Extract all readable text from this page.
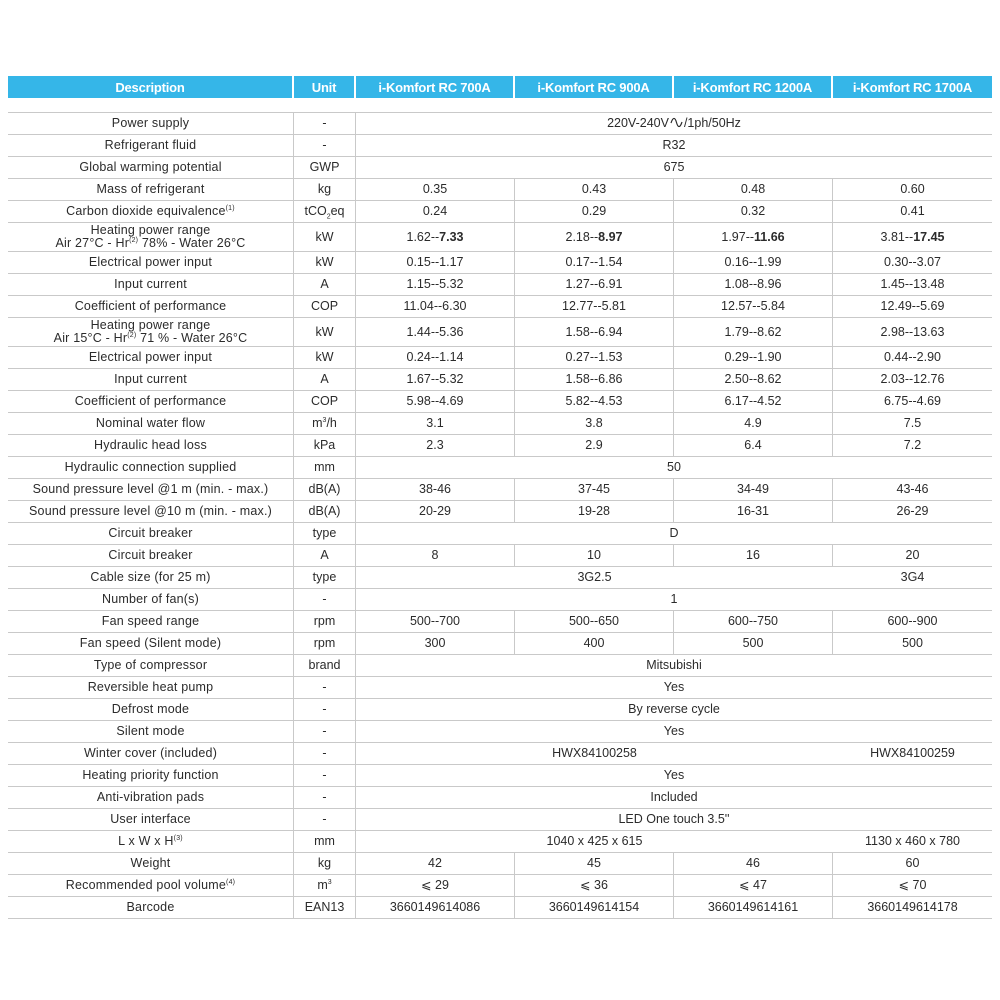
Description	Unit	i-Komfort RC 700A	i-Komfort RC 900A	i-Komfort RC 1200A	i-Komfort RC 1700A
Power supply	-	220V-240V /1ph/50Hz			
Refrigerant fluid	-	R32			
Global warming potential	GWP	675			
Mass of refrigerant	kg	0.35	0.43	0.48	0.60
Carbon dioxide equivalence$^{(1)}$	tCO$_2$eq	0.24	0.29	0.32	0.41
Heating power range
Air 27°C - Hr$^{(2)}$ 78% - Water 26°C	kW	1.62--7.33	2.18--8.97	1.97--11.66	3.81--17.45
Electrical power input	kW	0.15--1.17	0.17--1.54	0.16--1.99	0.30--3.07
Input current	A	1.15--5.32	1.27--6.91	1.08--8.96	1.45--13.48
Coefficient of performance	COP	11.04--6.30	12.77--5.81	12.57--5.84	12.49--5.69
Heating power range
Air 15°C - Hr$^{(2)}$ 71 % - Water 26°C	kW	1.44--5.36	1.58--6.94	1.79--8.62	2.98--13.63
Electrical power input	kW	0.24--1.14	0.27--1.53	0.29--1.90	0.44--2.90
Input current	A	1.67--5.32	1.58--6.86	2.50--8.62	2.03--12.76
Coefficient of performance	COP	5.98--4.69	5.82--4.53	6.17--4.52	6.75--4.69
Nominal water flow	$m^3/h$	3.1	3.8	4.9	7.5
Hydraulic head loss	kPa	2.3	2.9	6.4	7.2
Hydraulic connection supplied	mm	50			
Sound pressure level @1 m (min. - max.)	dB(A)	38-46	37-45	34-49	43-46
Sound pressure level @10 m (min. - max.)	dB(A)	20-29	19-28	16-31	26-29
Circuit breaker	type	D			
Circuit breaker	A	8	10	16	20
Cable size (for 25 m)	type	3G2.5			3G4
Number of fan(s)	-	1			
Fan speed range	rpm	500--700	500--650	600--750	600--900
Fan speed (Silent mode)	rpm	300	400	500	500
Type of compressor	brand	Mitsubishi			
Reversible heat pump	-	Yes			
Defrost mode	-	By reverse cycle			
Silent mode	-	Yes			
Winter cover (included)	-	HWX84100258			HWX84100259
Heating priority function	-	Yes			
Anti-vibration pads	-	Included			
User interface	-	LED One touch 3.5''			
L x W x $H^{(3)}$	mm	1040 x 425 x 615			1130 x 460 x 780
Weight	kg	42	45	46	60
Recommended pool volume$^{(4)}$	$m^3$	⩽ 29	⩽ 36	⩽ 47	⩽ 70
Barcode	EAN13	3660149614086	3660149614154	3660149614161	3660149614178
